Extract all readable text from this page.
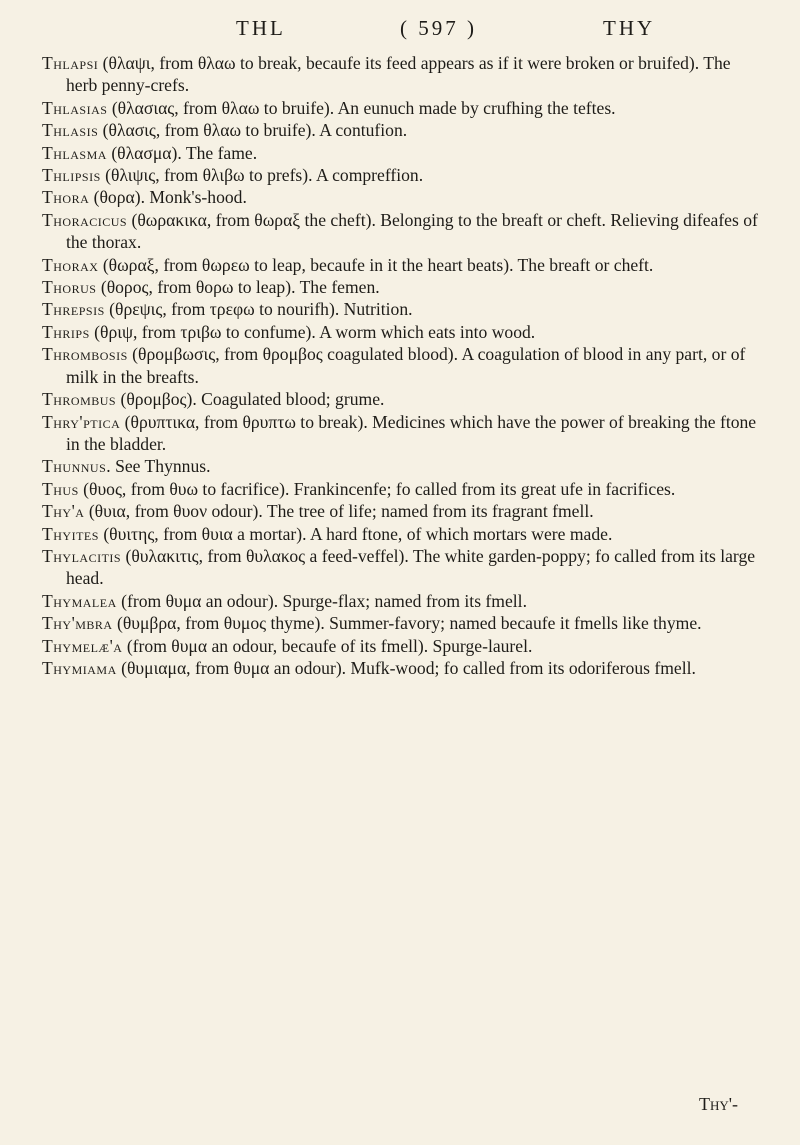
THL	( 597 )	THY

Thlapsi (θλαψι, from θλαω to break, becaufe its feed appears as if it were broken or bruifed). The herb penny-crefs.

Thlasias (θλασιας, from θλαω to bruife). An eunuch made by crufhing the teftes.

Thlasis (θλασις, from θλαω to bruife). A contufion.

Thlasma (θλασμα). The fame.

Thlipsis (θλιψις, from θλιβω to prefs). A compreffion.

Thora (θορα). Monk's-hood.

Thoracicus (θωρακικα, from θωραξ the cheft). Belonging to the breaft or cheft. Relieving difeafes of the thorax.

Thorax (θωραξ, from θωρεω to leap, becaufe in it the heart beats). The breaft or cheft.

Thorus (θορος, from θορω to leap). The femen.

Threpsis (θρεψις, from τρεφω to nourifh). Nutrition.

Thrips (θριψ, from τριβω to confume). A worm which eats into wood.

Thrombosis (θρομβωσις, from θρομβος coagulated blood). A coagulation of blood in any part, or of milk in the breafts.

Thrombus (θρομβος). Coagulated blood; grume.

Thry'ptica (θρυπτικα, from θρυπτω to break). Medicines which have the power of breaking the ftone in the bladder.

Thunnus. See Thynnus.

Thus (θυος, from θυω to facrifice). Frankincenfe; fo called from its great ufe in facrifices.

Thy'a (θυια, from θυον odour). The tree of life; named from its fragrant fmell.

Thyites (θυιτης, from θυια a mortar). A hard ftone, of which mortars were made.

Thylacitis (θυλακιτις, from θυλακος a feed-veffel). The white garden-poppy; fo called from its large head.

Thymalea (from θυμα an odour). Spurge-flax; named from its fmell.

Thy'mbra (θυμβρα, from θυμος thyme). Summer-favory; named becaufe it fmells like thyme.

Thymelæ'a (from θυμα an odour, becaufe of its fmell). Spurge-laurel.

Thymiama (θυμιαμα, from θυμα an odour). Mufk-wood; fo called from its odoriferous fmell.

Thy'-
